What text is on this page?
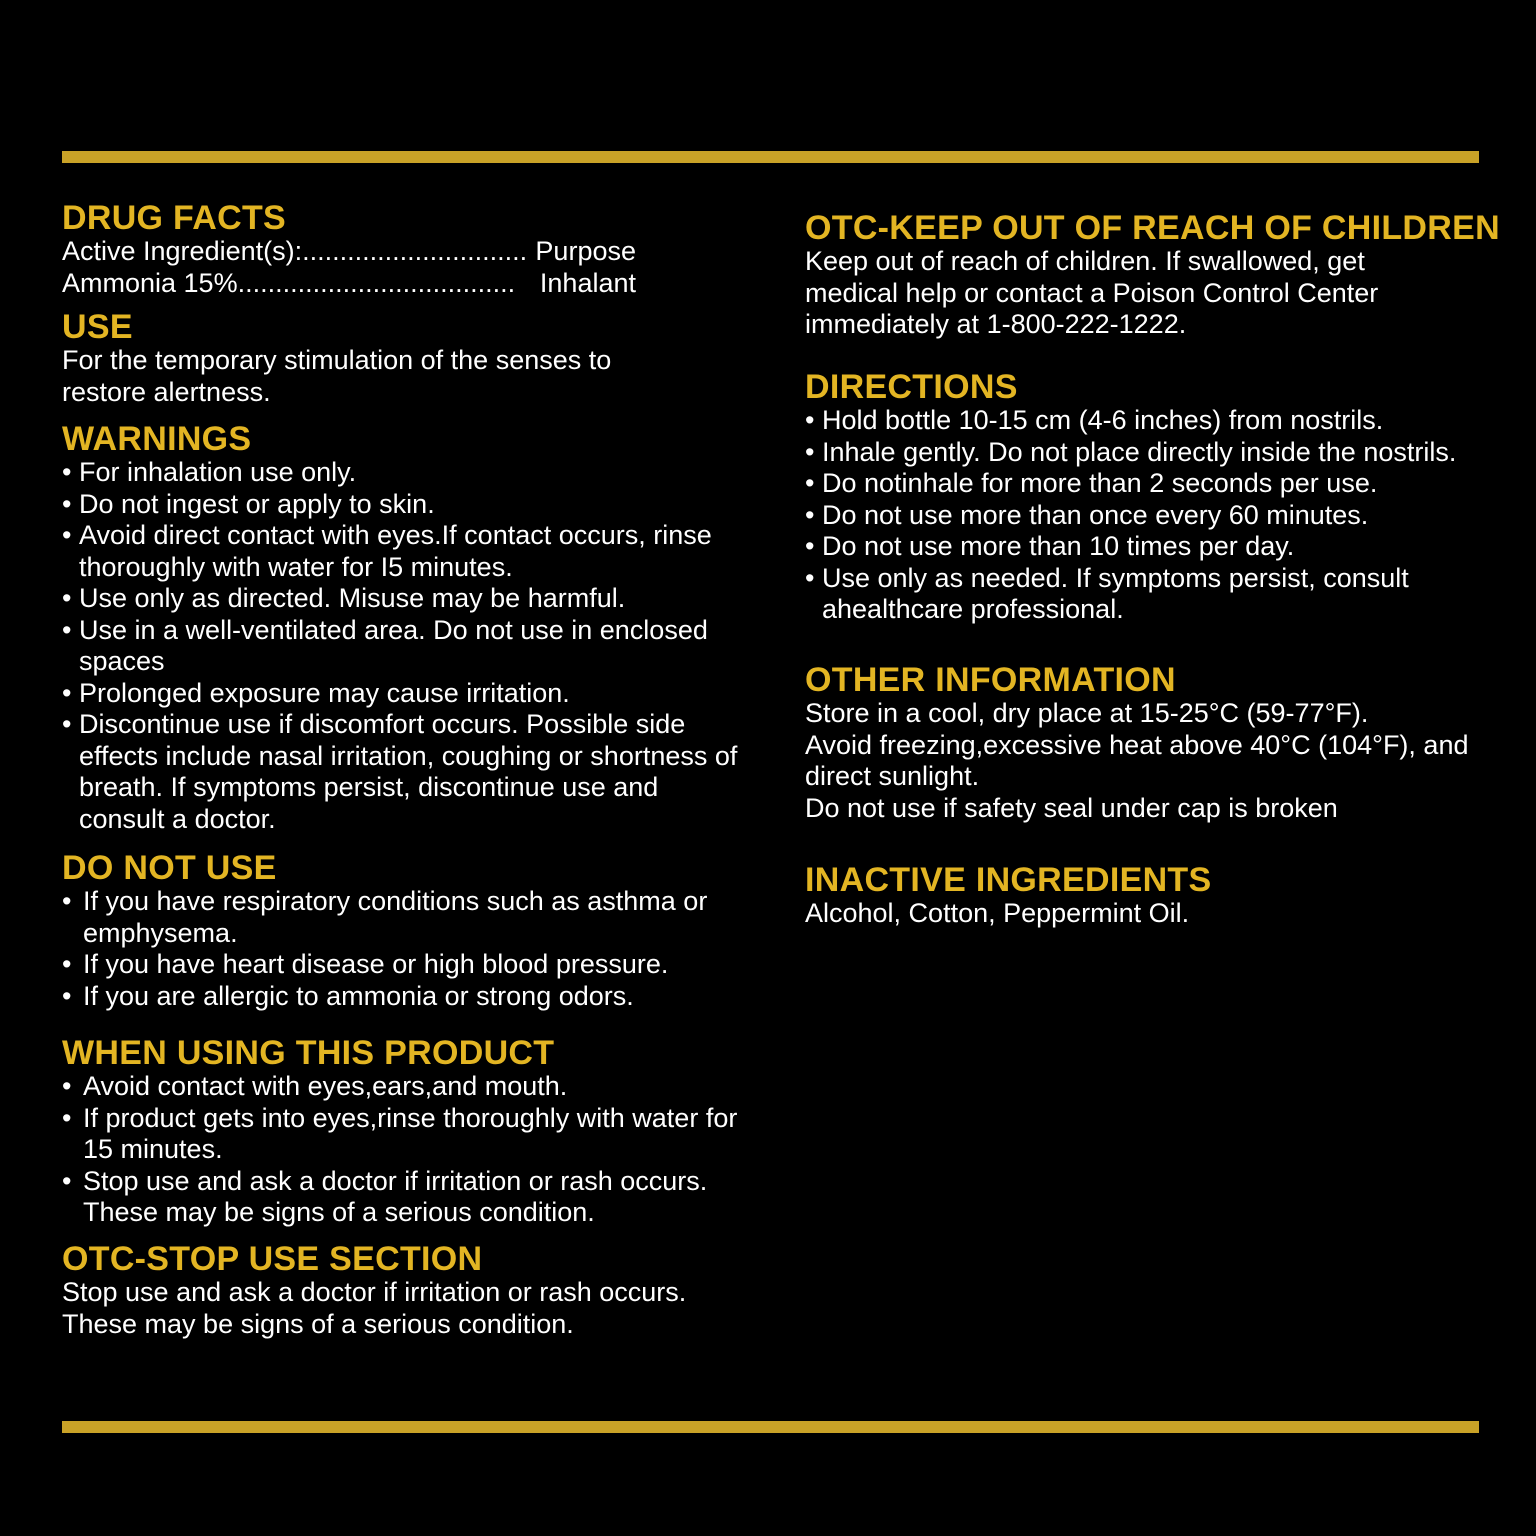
DRUG FACTS
Active Ingredient(s): .............................. Purpose
Ammonia 15% ..................................... Inhalant
USE
For the temporary stimulation of the senses to
restore alertness.
WARNINGS
• For inhalation use only.
• Do not ingest or apply to skin.
• Avoid direct contact with eyes.If contact occurs, rinse thoroughly with water for I5 minutes.
• Use only as directed. Misuse may be harmful.
• Use in a well-ventilated area. Do not use in enclosed spaces
• Prolonged exposure may cause irritation.
• Discontinue use if discomfort occurs. Possible side effects include nasal irritation, coughing or shortness of breath. If symptoms persist, discontinue use and consult a doctor.
DO NOT USE
• If you have respiratory conditions such as asthma or emphysema.
• If you have heart disease or high blood pressure.
• If you are allergic to ammonia or strong odors.
WHEN USING THIS PRODUCT
• Avoid contact with eyes,ears,and mouth.
• If product gets into eyes,rinse thoroughly with water for 15 minutes.
• Stop use and ask a doctor if irritation or rash occurs. These may be signs of a serious condition.
OTC-STOP USE SECTION
Stop use and ask a doctor if irritation or rash occurs.
These may be signs of a serious condition.
OTC-KEEP OUT OF REACH OF CHILDREN
Keep out of reach of children. If swallowed, get
medical help or contact a Poison Control Center
immediately at 1-800-222-1222.
DIRECTIONS
• Hold bottle 10-15 cm (4-6 inches) from nostrils.
• Inhale gently. Do not place directly inside the nostrils.
• Do notinhale for more than 2 seconds per use.
• Do not use more than once every 60 minutes.
• Do not use more than 10 times per day.
• Use only as needed. If symptoms persist, consult ahealthcare professional.
OTHER INFORMATION
Store in a cool, dry place at 15-25°C (59-77°F).
Avoid freezing,excessive heat above 40°C (104°F), and
direct sunlight.
Do not use if safety seal under cap is broken
INACTIVE INGREDIENTS
Alcohol, Cotton, Peppermint Oil.
